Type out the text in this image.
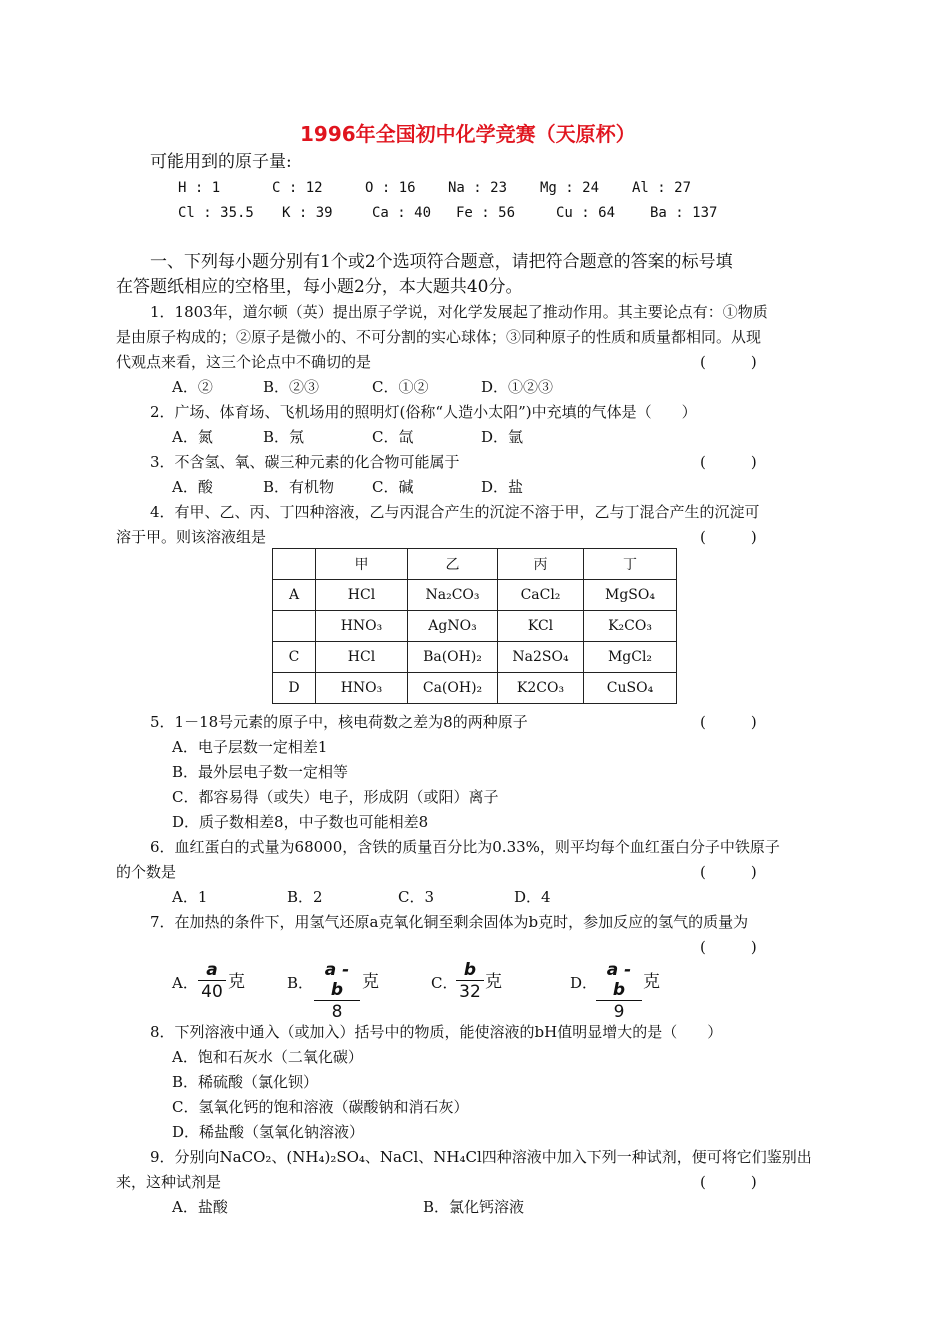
1996年全国初中化学竞赛（天原杯）
可能用到的原子量:
H : 1	C : 12	O : 16 Na : 23 Mg : 24 Al : 27
Cl : 35.5 K : 39	Ca : 40 Fe : 56	Cu : 64 Ba : 137
一、下列每小题分别有1个或2个选项符合题意，请把符合题意的答案的标号填
在答题纸相应的空格里，每小题2分，本大题共40分。
1．1803年，道尔顿（英）提出原子学说，对化学发展起了推动作用。其主要论点有：①物质
是由原子构成的；②原子是微小的、不可分割的实心球体；③同种原子的性质和质量都相同。从现
代观点来看，这三个论点中不确切的是	(　　　)
A．②	B．②③	C．①②	D．①②③
2．广场、体育场、飞机场用的照明灯(俗称“人造小太阳”)中充填的气体是（　　）
A．氮	B．氖	C．氙	D．氩
3．不含氢、氧、碳三种元素的化合物可能属于	(　　　)
A．酸	B．有机物	C．碱	D．盐
4．有甲、乙、丙、丁四种溶液，乙与丙混合产生的沉淀不溶于甲，乙与丁混合产生的沉淀可
溶于甲。则该溶液组是	(　　　)
	甲	乙	丙	丁
A	HCl	Na₂CO₃	CaCl₂	MgSO₄
	HNO₃	AgNO₃	KCl	K₂CO₃
C	HCl	Ba(OH)₂	Na2SO₄	MgCl₂
D	HNO₃	Ca(OH)₂	K2CO₃	CuSO₄
5．1－18号元素的原子中，核电荷数之差为8的两种原子	(　　　)
A．电子层数一定相差1
B．最外层电子数一定相等
C．都容易得（或失）电子，形成阴（或阳）离子
D．质子数相差8，中子数也可能相差8
6．血红蛋白的式量为68000，含铁的质量百分比为0.33%，则平均每个血红蛋白分子中铁原子
的个数是	(　　　)
A．1	B．2	C．3	D．4
7．在加热的条件下，用氢气还原a克氧化铜至剩余固体为b克时，参加反应的氢气的质量为
(　　　)
A． $\frac{a}{40}$ 克	B． $\frac{a - b}{8}$ 克	C．
$\frac{b}{32}$ 克	D．
$\frac{a - b}{9}$ 克
8．下列溶液中通入（或加入）括号中的物质，能使溶液的bH值明显增大的是（　　）
A．饱和石灰水（二氧化碳）
B．稀硫酸（氯化钡）
C．氢氧化钙的饱和溶液（碳酸钠和消石灰）
D．稀盐酸（氢氧化钠溶液）
9．分别向NaCO₂、(NH₄)₂SO₄、NaCl、NH₄Cl四种溶液中加入下列一种试剂，便可将它们鉴别出
来，这种试剂是	(　　　)
A．盐酸	B．氯化钙溶液
